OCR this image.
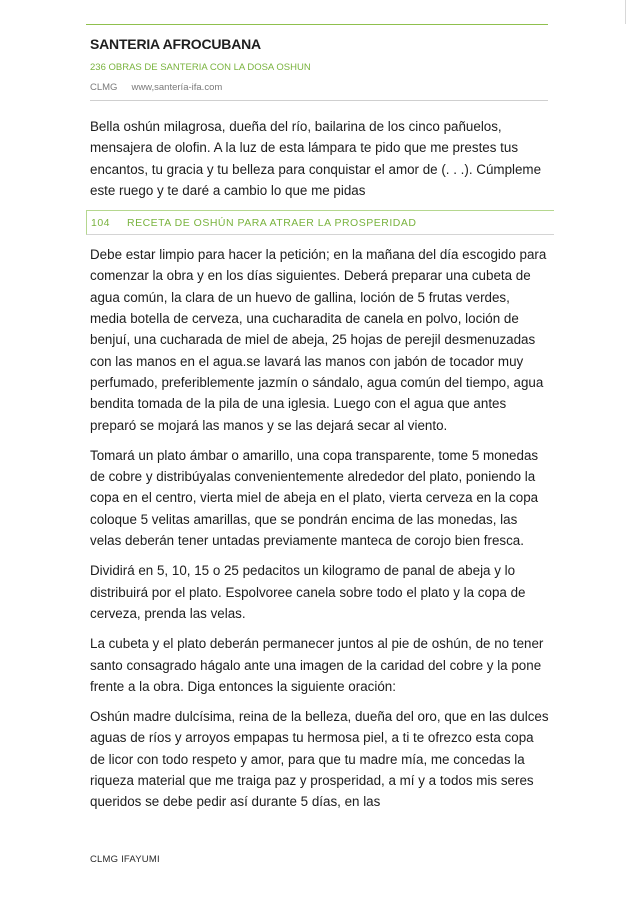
SANTERIA AFROCUBANA
236 OBRAS DE SANTERIA CON LA DOSA OSHUN
CLMG www,santería-ifa.com

Bella oshún milagrosa, dueña del río, bailarina de los cinco pañuelos, mensajera de olofin. A la luz de esta lámpara te pido que me prestes tus encantos, tu gracia y tu belleza para conquistar el amor de (. . .). Cúmpleme este ruego y te daré a cambio lo que me pidas

104 RECETA DE OSHÚN PARA ATRAER LA PROSPERIDAD

Debe estar limpio para hacer la petición; en la mañana del día escogido para comenzar la obra y en los días siguientes. Deberá preparar una cubeta de agua común, la clara de un huevo de gallina, loción de 5 frutas verdes, media botella de cerveza, una cucharadita de canela en polvo, loción de benjuí, una cucharada de miel de abeja, 25 hojas de perejil desmenuzadas con las manos en el agua.se lavará las manos con jabón de tocador muy perfumado, preferiblemente jazmín o sándalo, agua común del tiempo, agua bendita tomada de la pila de una iglesia. Luego con el agua que antes preparó se mojará las manos y se las dejará secar al viento.

Tomará un plato ámbar o amarillo, una copa transparente, tome 5 monedas de cobre y distribúyalas convenientemente alrededor del plato, poniendo la copa en el centro, vierta miel de abeja en el plato, vierta cerveza en la copa coloque 5 velitas amarillas, que se pondrán encima de las monedas, las velas deberán tener untadas previamente manteca de corojo bien fresca.

Dividirá en 5, 10, 15 o 25 pedacitos un kilogramo de panal de abeja y lo distribuirá por el plato. Espolvoree canela sobre todo el plato y la copa de cerveza, prenda las velas.

La cubeta y el plato deberán permanecer juntos al pie de oshún, de no tener santo consagrado hágalo ante una imagen de la caridad del cobre y la pone frente a la obra. Diga entonces la siguiente oración:

Oshún madre dulcísima, reina de la belleza, dueña del oro, que en las dulces aguas de ríos y arroyos empapas tu hermosa piel, a ti te ofrezco esta copa de licor con todo respeto y amor, para que tu madre mía, me concedas la riqueza material que me traiga paz y prosperidad, a mí y a todos mis seres queridos se debe pedir así durante 5 días, en las

CLMG IFAYUMI
